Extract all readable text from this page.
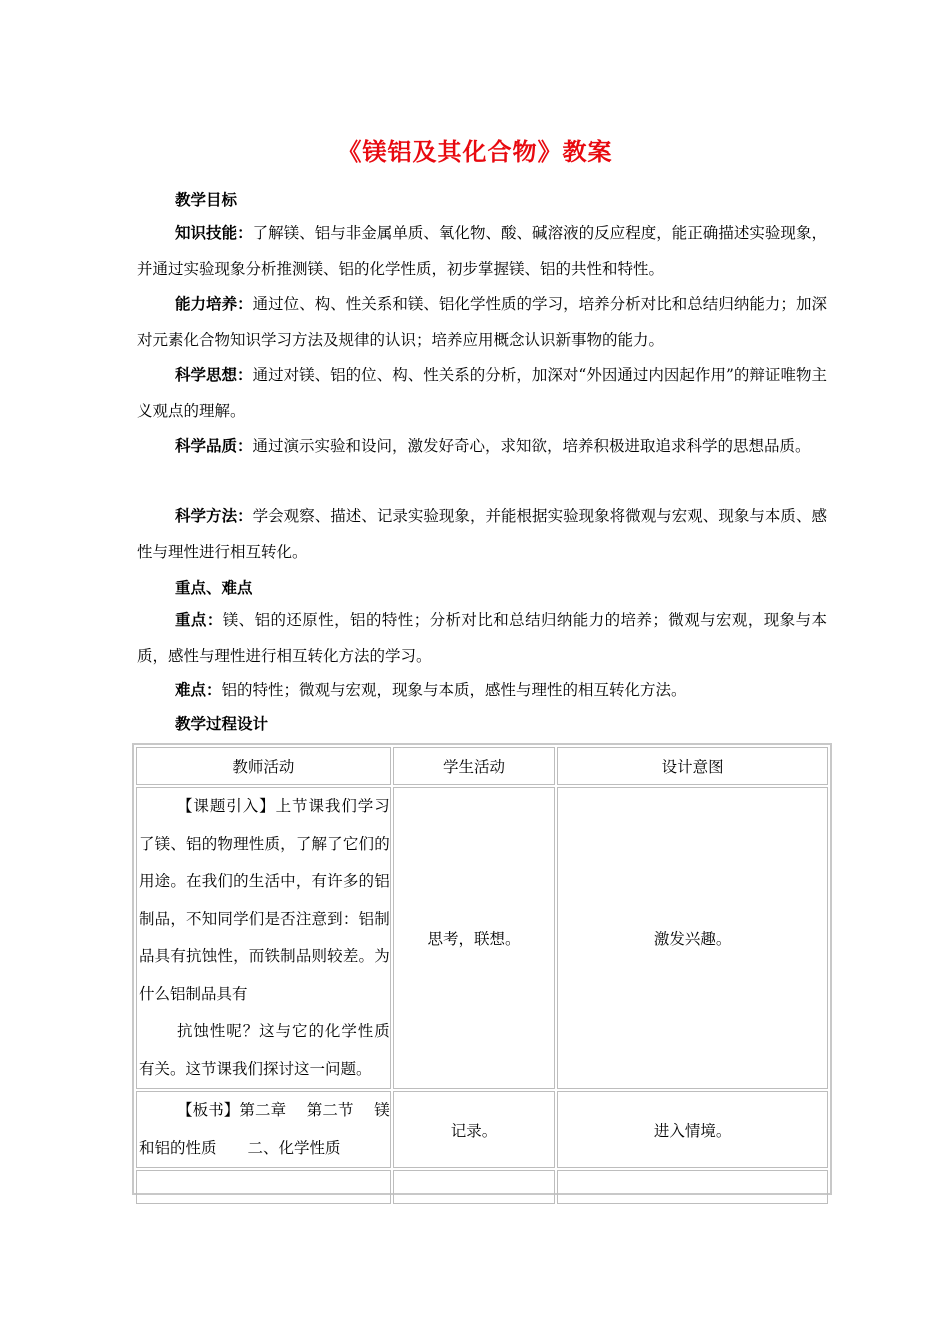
《镁铝及其化合物》教案
教学目标
知识技能：了解镁、铝与非金属单质、氧化物、酸、碱溶液的反应程度，能正确描述实验现象，并通过实验现象分析推测镁、铝的化学性质，初步掌握镁、铝的共性和特性。
能力培养：通过位、构、性关系和镁、铝化学性质的学习，培养分析对比和总结归纳能力；加深对元素化合物知识学习方法及规律的认识；培养应用概念认识新事物的能力。
科学思想：通过对镁、铝的位、构、性关系的分析，加深对“外因通过内因起作用”的辩证唯物主义观点的理解。
科学品质：通过演示实验和设问，激发好奇心，求知欲，培养积极进取追求科学的思想品质。
科学方法：学会观察、描述、记录实验现象，并能根据实验现象将微观与宏观、现象与本质、感性与理性进行相互转化。
重点、难点
重点：镁、铝的还原性，铝的特性；分析对比和总结归纳能力的培养；微观与宏观，现象与本质，感性与理性进行相互转化方法的学习。
难点：铝的特性；微观与宏观，现象与本质，感性与理性的相互转化方法。
教学过程设计
教师活动	学生活动	设计意图

【课题引入】上节课我们学习了镁、铝的物理性质，了解了它们的用途。在我们的生活中，有许多的铝制品，不知同学们是否注意到：铝制品具有抗蚀性，而铁制品则较差。为什么铝制品具有

抗蚀性呢？这与它的化学性质有关。这节课我们探讨这一问题。	思考，联想。	激发兴趣。

【板书】第二章　 第二节　 镁和铝的性质　　二、化学性质	记录。	进入情境。
